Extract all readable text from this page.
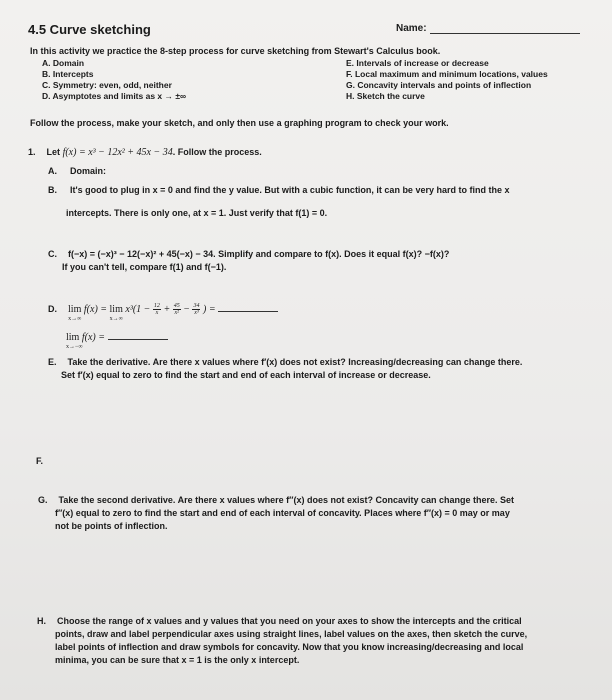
4.5 Curve sketching	Name:
In this activity we practice the 8-step process for curve sketching from Stewart's Calculus book.
A. Domain	E. Intervals of increase or decrease
B. Intercepts	F. Local maximum and minimum locations, values
C. Symmetry: even, odd, neither	G. Concavity intervals and points of inflection
D. Asymptotes and limits as x → ±∞	H. Sketch the curve
Follow the process, make your sketch, and only then use a graphing program to check your work.
1. Let f(x) = x³ − 12x² + 45x − 34. Follow the process.
A. Domain:
B. It's good to plug in x = 0 and find the y value. But with a cubic function, it can be very hard to find the x
intercepts. There is only one, at x = 1. Just verify that f(1) = 0.
C. f(−x) = (−x)³ − 12(−x)² + 45(−x) − 34. Simplify and compare to f(x). Does it equal f(x)? −f(x)?
If you can't tell, compare f(1) and f(−1).
D. lim
x→∞
f(x) = lim
x→∞
$x^3(1 - \frac{12}{x} + \frac{45}{\text{x²}} - \frac{34}{\text{x³}}$ ) =
lim
x→−∞
f(x) =
E. Take the derivative. Are there x values where f′(x) does not exist? Increasing/decreasing can change there.
Set f′(x) equal to zero to find the start and end of each interval of increase or decrease.
F.
G. Take the second derivative. Are there x values where f″(x) does not exist? Concavity can change there. Set
f″(x) equal to zero to find the start and end of each interval of concavity. Places where f″(x) = 0 may or may
not be points of inflection.
H. Choose the range of x values and y values that you need on your axes to show the intercepts and the critical
points, draw and label perpendicular axes using straight lines, label values on the axes, then sketch the curve,
label points of inflection and draw symbols for concavity. Now that you know increasing/decreasing and local
minima, you can be sure that x = 1 is the only x intercept.
